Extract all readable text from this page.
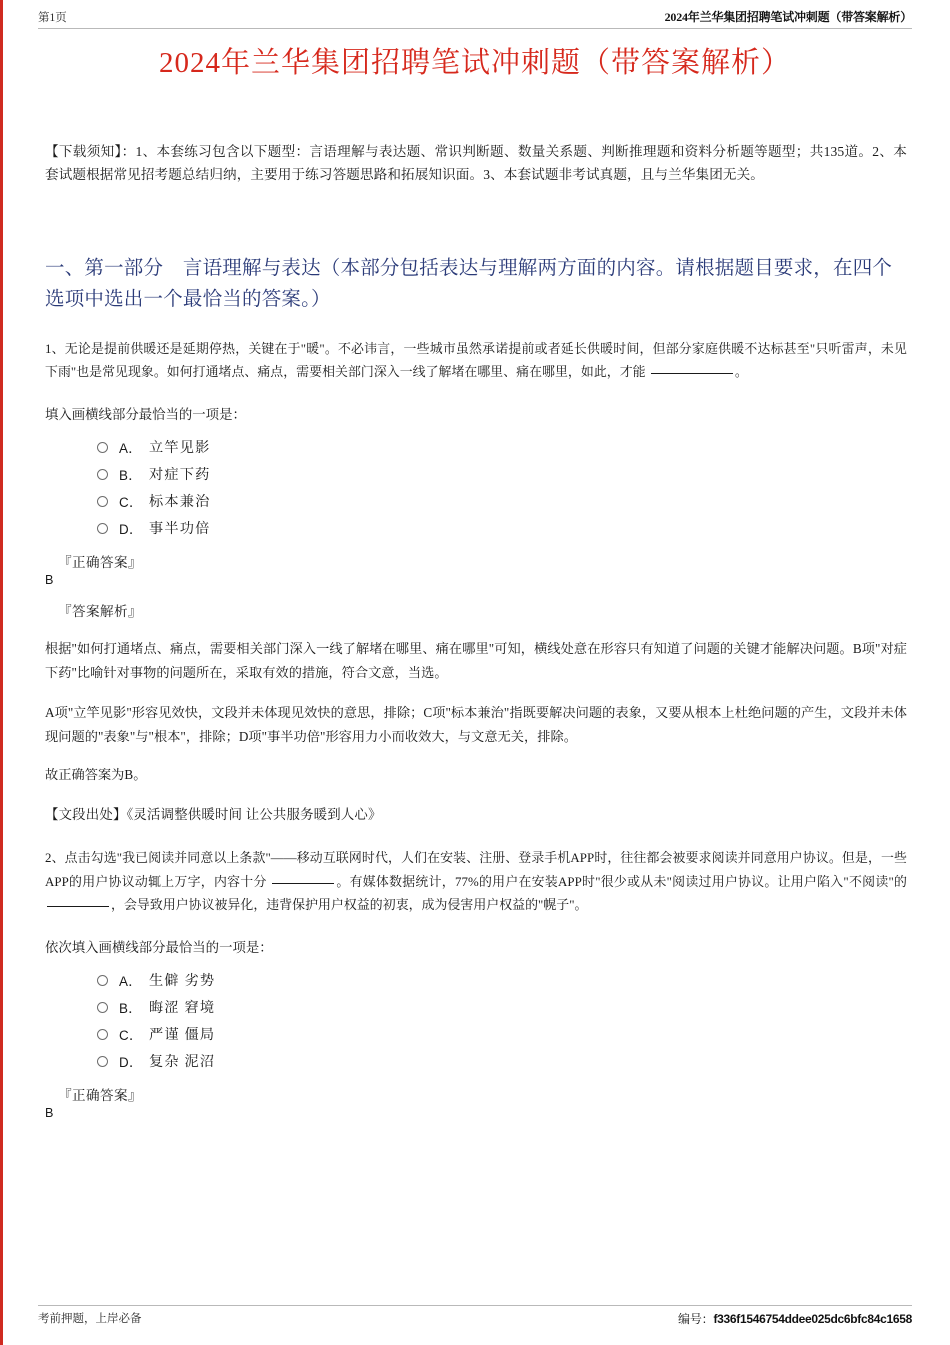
第1页	2024年兰华集团招聘笔试冲刺题（带答案解析）
2024年兰华集团招聘笔试冲刺题（带答案解析）
【下载须知】：1、本套练习包含以下题型：言语理解与表达题、常识判断题、数量关系题、判断推理题和资料分析题等题型；共135道。2、本套试题根据常见招考题总结归纳，主要用于练习答题思路和拓展知识面。3、本套试题非考试真题，且与兰华集团无关。
一、第一部分　言语理解与表达（本部分包括表达与理解两方面的内容。请根据题目要求，在四个选项中选出一个最恰当的答案。）
1、无论是提前供暖还是延期停热，关键在于"暖"。不必讳言，一些城市虽然承诺提前或者延长供暖时间，但部分家庭供暖不达标甚至"只听雷声，未见下雨"也是常见现象。如何打通堵点、痛点，需要相关部门深入一线了解堵在哪里、痛在哪里，如此，才能	。
填入画横线部分最恰当的一项是：
A． 立竿见影
B． 对症下药
C． 标本兼治
D． 事半功倍
『正确答案』
B
『答案解析』
根据"如何打通堵点、痛点，需要相关部门深入一线了解堵在哪里、痛在哪里"可知，横线处意在形容只有知道了问题的关键才能解决问题。B项"对症下药"比喻针对事物的问题所在，采取有效的措施，符合文意，当选。
A项"立竿见影"形容见效快，文段并未体现见效快的意思，排除；C项"标本兼治"指既要解决问题的表象，又要从根本上杜绝问题的产生，文段并未体现问题的"表象"与"根本"，排除；D项"事半功倍"形容用力小而收效大，与文意无关，排除。
故正确答案为B。
【文段出处】《灵活调整供暖时间 让公共服务暖到人心》
2、点击勾选"我已阅读并同意以上条款"——移动互联网时代，人们在安装、注册、登录手机APP时，往往都会被要求阅读并同意用户协议。但是，一些APP的用户协议动辄上万字，内容十分	。有媒体数据统计，77%的用户在安装APP时"很少或从未"阅读过用户协议。让用户陷入"不阅读"的 ，会导致用户协议被异化，违背保护用户权益的初衷，成为侵害用户权益的"幌子"。
依次填入画横线部分最恰当的一项是：
A． 生僻 劣势
B． 晦涩 窘境
C． 严谨 僵局
D． 复杂 泥沼
『正确答案』
B
考前押题，上岸必备	编号：f336f1546754ddee025dc6bfc84c1658
